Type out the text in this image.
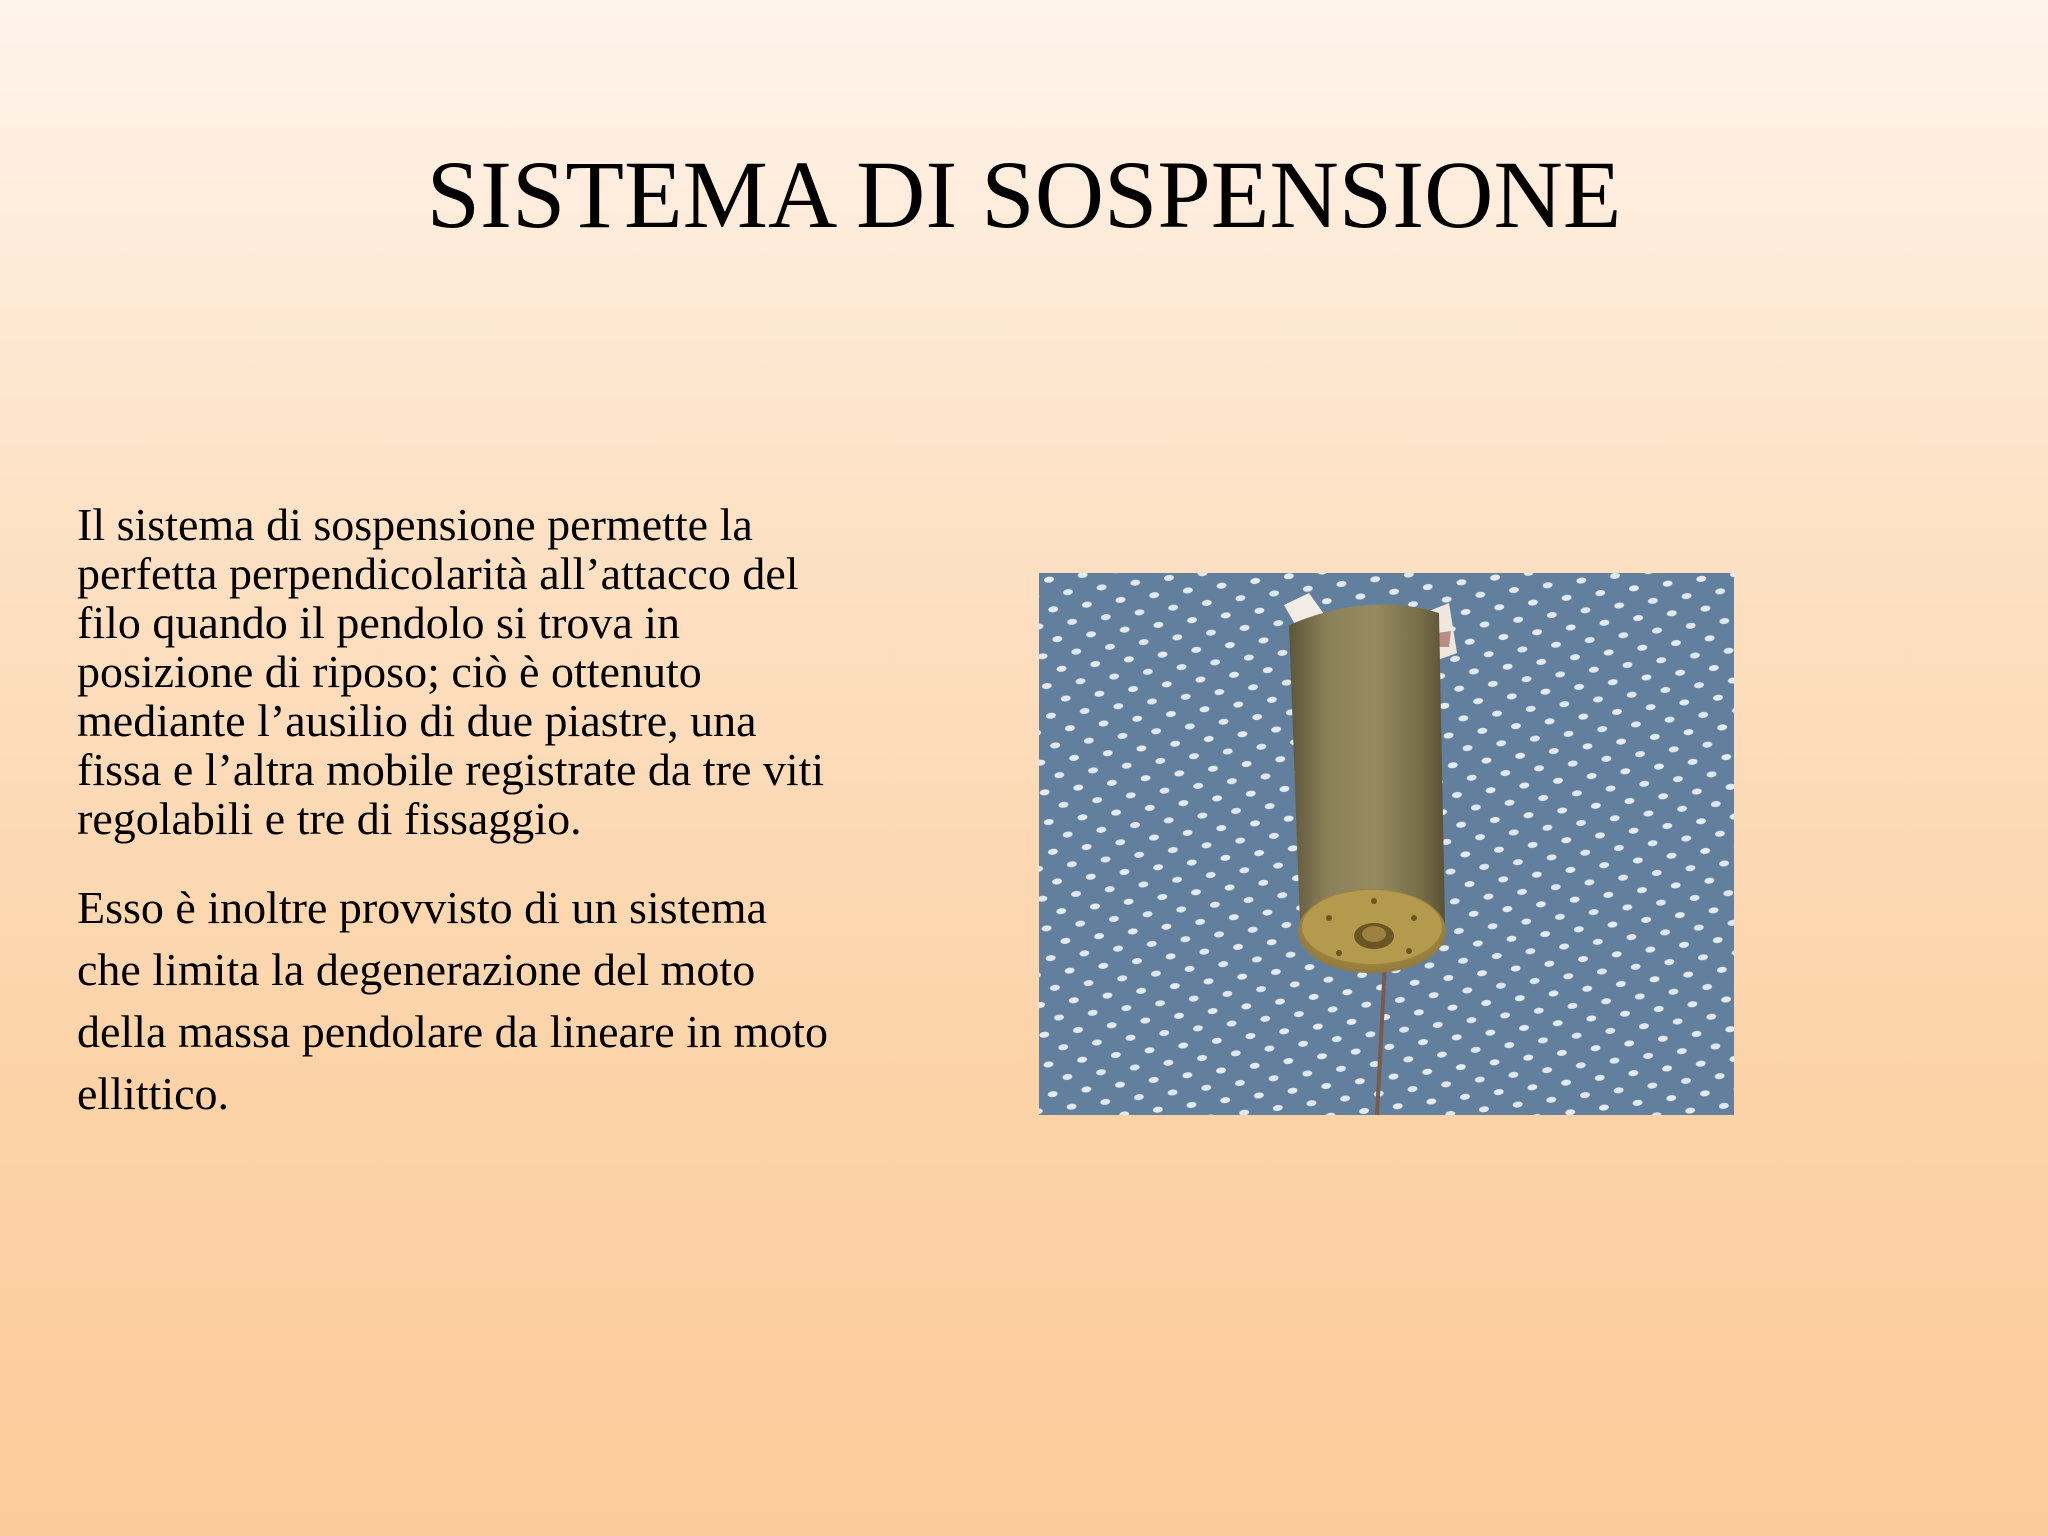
SISTEMA DI SOSPENSIONE

Il sistema di sospensione permette la perfetta perpendicolarità all’attacco del filo quando il pendolo si trova in posizione di riposo; ciò è ottenuto mediante l’ausilio di due piastre, una fissa e l’altra mobile registrate da tre viti regolabili e tre di fissaggio.

Esso è inoltre provvisto di un sistema che limita la degenerazione del moto della massa pendolare da lineare in moto ellittico.
